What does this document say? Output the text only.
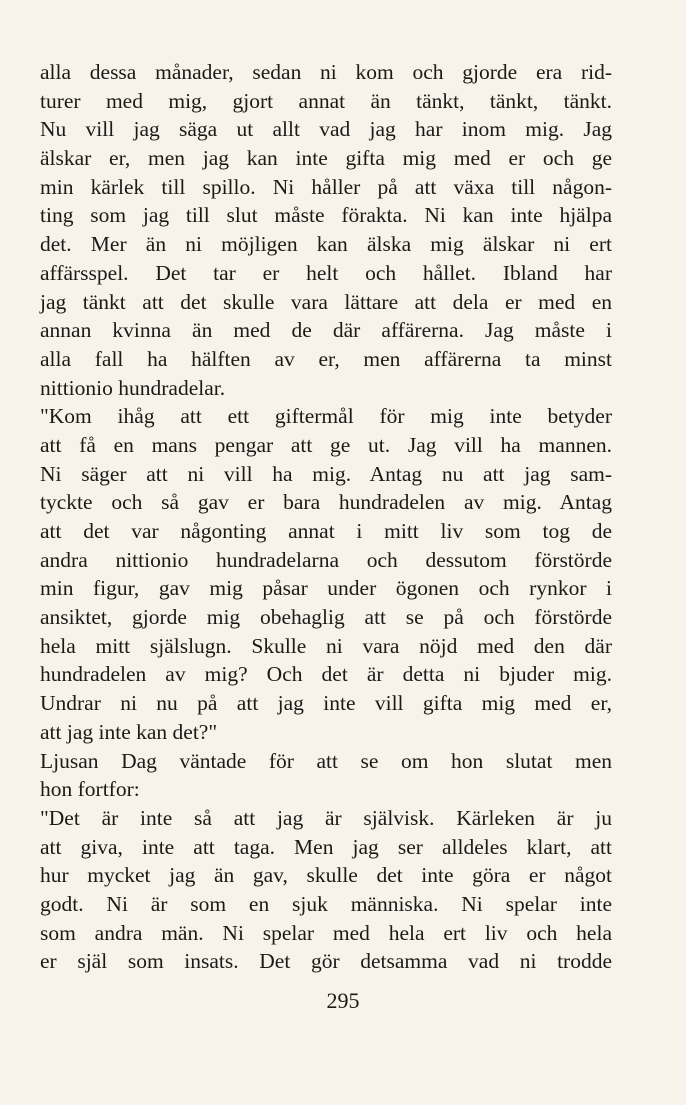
alla dessa månader, sedan ni kom och gjorde era rid-
turer med mig, gjort annat än tänkt, tänkt, tänkt.
Nu vill jag säga ut allt vad jag har inom mig. Jag
älskar er, men jag kan inte gifta mig med er och ge
min kärlek till spillo. Ni håller på att växa till någon-
ting som jag till slut måste förakta. Ni kan inte hjälpa
det. Mer än ni möjligen kan älska mig älskar ni ert
affärsspel. Det tar er helt och hållet. Ibland har
jag tänkt att det skulle vara lättare att dela er med en
annan kvinna än med de där affärerna. Jag måste i
alla fall ha hälften av er, men affärerna ta minst
nittionio hundradelar.
"Kom ihåg att ett giftermål för mig inte betyder
att få en mans pengar att ge ut. Jag vill ha mannen.
Ni säger att ni vill ha mig. Antag nu att jag sam-
tyckte och så gav er bara hundradelen av mig. Antag
att det var någonting annat i mitt liv som tog de
andra nittionio hundradelarna och dessutom förstörde
min figur, gav mig påsar under ögonen och rynkor i
ansiktet, gjorde mig obehaglig att se på och förstörde
hela mitt själslugn. Skulle ni vara nöjd med den där
hundradelen av mig? Och det är detta ni bjuder mig.
Undrar ni nu på att jag inte vill gifta mig med er,
att jag inte kan det?"
Ljusan Dag väntade för att se om hon slutat men
hon fortfor:
"Det är inte så att jag är självisk. Kärleken är ju
att giva, inte att taga. Men jag ser alldeles klart, att
hur mycket jag än gav, skulle det inte göra er något
godt. Ni är som en sjuk människa. Ni spelar inte
som andra män. Ni spelar med hela ert liv och hela
er själ som insats. Det gör detsamma vad ni trodde
295
